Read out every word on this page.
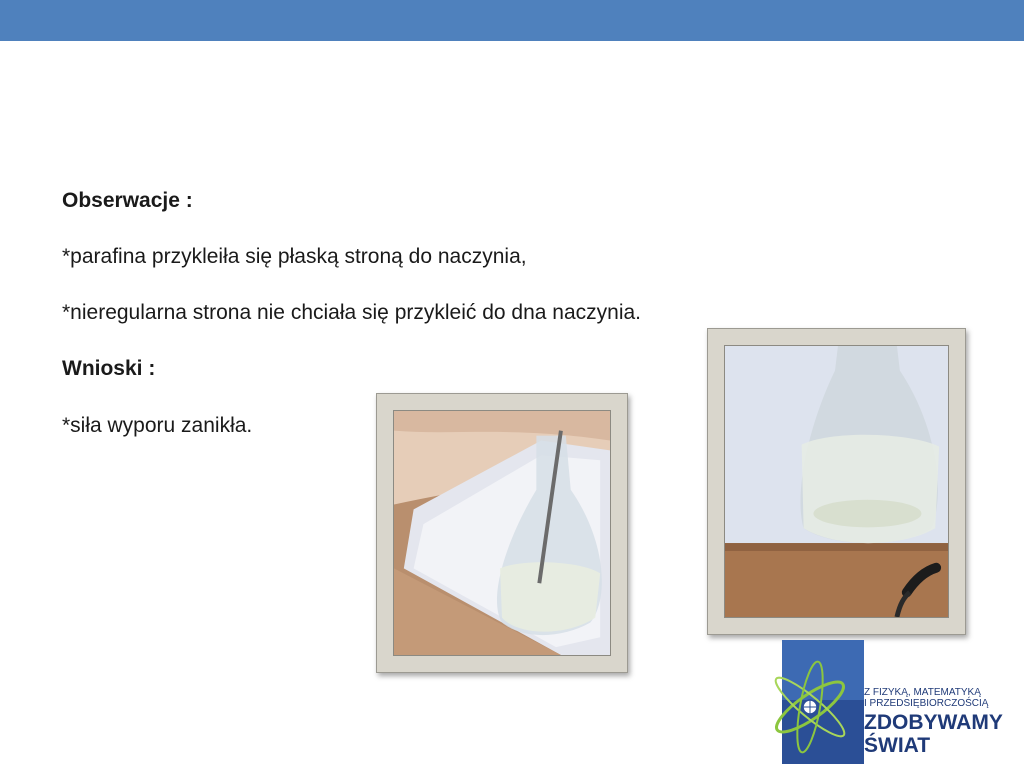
Obserwacje :
*parafina przykleiła się płaską stroną do naczynia,
*nieregularna strona nie chciała się przykleić do dna naczynia.
Wnioski :
*siła wyporu zanikła.
Z FIZYKĄ, MATEMATYKĄ
I PRZEDSIĘBIORCZOŚCIĄ
ZDOBYWAMY
ŚWIAT
